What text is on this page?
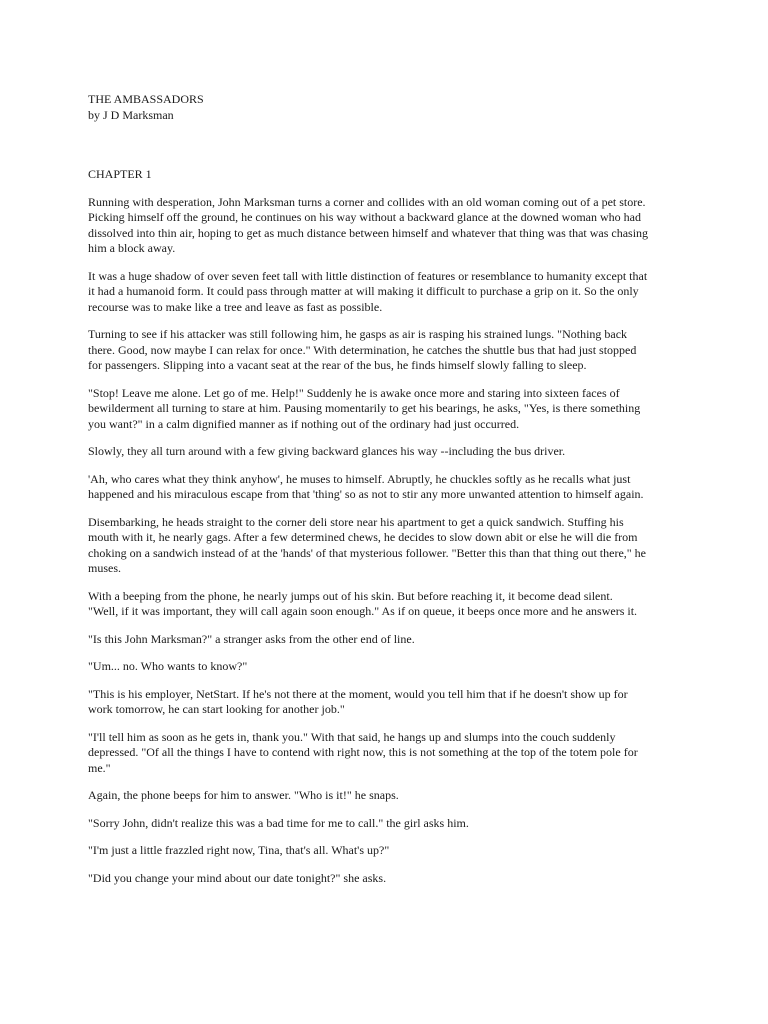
THE AMBASSADORS
by J D Marksman
CHAPTER 1
Running with desperation, John Marksman turns a corner and collides with an old woman coming out of a pet store.
Picking himself off the ground, he continues on his way without a backward glance at the downed woman who had
dissolved into thin air, hoping to get as much distance between himself and whatever that thing was that was chasing
him a block away.
It was a huge shadow of over seven feet tall with little distinction of features or resemblance to humanity except that
it had a humanoid form. It could pass through matter at will making it difficult to purchase a grip on it. So the only
recourse was to make like a tree and leave as fast as possible.
Turning to see if his attacker was still following him, he gasps as air is rasping his strained lungs. "Nothing back
there. Good, now maybe I can relax for once." With determination, he catches the shuttle bus that had just stopped
for passengers. Slipping into a vacant seat at the rear of the bus, he finds himself slowly falling to sleep.
"Stop! Leave me alone. Let go of me. Help!" Suddenly he is awake once more and staring into sixteen faces of
bewilderment all turning to stare at him. Pausing momentarily to get his bearings, he asks, "Yes, is there something
you want?" in a calm dignified manner as if nothing out of the ordinary had just occurred.
Slowly, they all turn around with a few giving backward glances his way --including the bus driver.
'Ah, who cares what they think anyhow', he muses to himself. Abruptly, he chuckles softly as he recalls what just
happened and his miraculous escape from that 'thing' so as not to stir any more unwanted attention to himself again.
Disembarking, he heads straight to the corner deli store near his apartment to get a quick sandwich. Stuffing his
mouth with it, he nearly gags. After a few determined chews, he decides to slow down abit or else he will die from
choking on a sandwich instead of at the 'hands' of that mysterious follower. "Better this than that thing out there," he
muses.
With a beeping from the phone, he nearly jumps out of his skin. But before reaching it, it become dead silent.
"Well, if it was important, they will call again soon enough." As if on queue, it beeps once more and he answers it.
"Is this John Marksman?" a stranger asks from the other end of line.
"Um... no. Who wants to know?"
"This is his employer, NetStart. If he's not there at the moment, would you tell him that if he doesn't show up for
work tomorrow, he can start looking for another job."
"I'll tell him as soon as he gets in, thank you." With that said, he hangs up and slumps into the couch suddenly
depressed. "Of all the things I have to contend with right now, this is not something at the top of the totem pole for
me."
Again, the phone beeps for him to answer. "Who is it!" he snaps.
"Sorry John, didn't realize this was a bad time for me to call." the girl asks him.
"I'm just a little frazzled right now, Tina, that's all. What's up?"
"Did you change your mind about our date tonight?" she asks.
